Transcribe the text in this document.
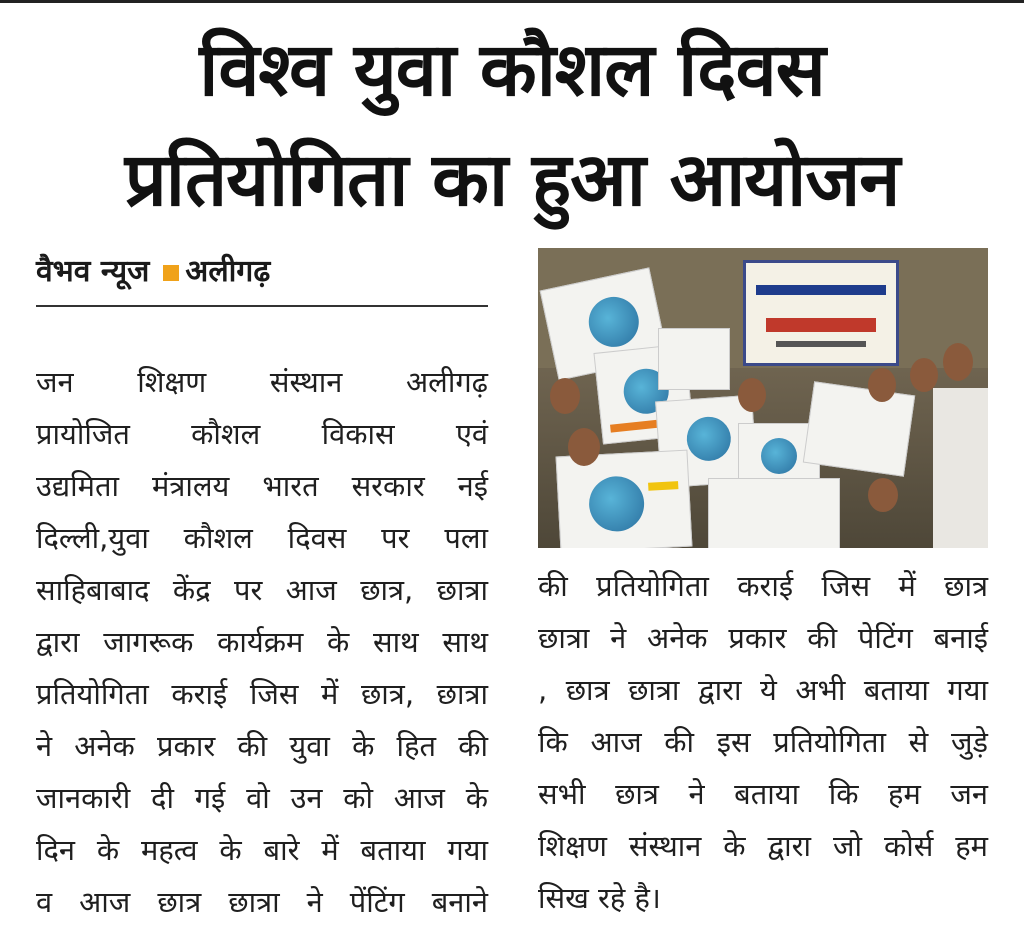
विश्व युवा कौशल दिवस
प्रतियोगिता का हुआ आयोजन
वैभव न्यूज अलीगढ़
जन शिक्षण संस्थान अलीगढ़
प्रायोजित कौशल विकास एवं
उद्यमिता मंत्रालय भारत सरकार नई
दिल्ली,युवा कौशल दिवस पर पला
साहिबाबाद केंद्र पर आज छात्र, छात्रा
द्वारा जागरूक कार्यक्रम के साथ साथ
प्रतियोगिता कराई जिस में छात्र, छात्रा
ने अनेक प्रकार की युवा के हित की
जानकारी दी गई वो उन को आज के
दिन के महत्व के बारे में बताया गया
व आज छात्र छात्रा ने पेंटिंग बनाने
की प्रतियोगिता कराई जिस में छात्र
छात्रा ने अनेक प्रकार की पेटिंग बनाई
, छात्र छात्रा द्वारा ये अभी बताया गया
कि आज की इस प्रतियोगिता से जुड़े
सभी छात्र ने बताया कि हम जन
शिक्षण संस्थान के द्वारा जो कोर्स हम
सिख रहे है।
